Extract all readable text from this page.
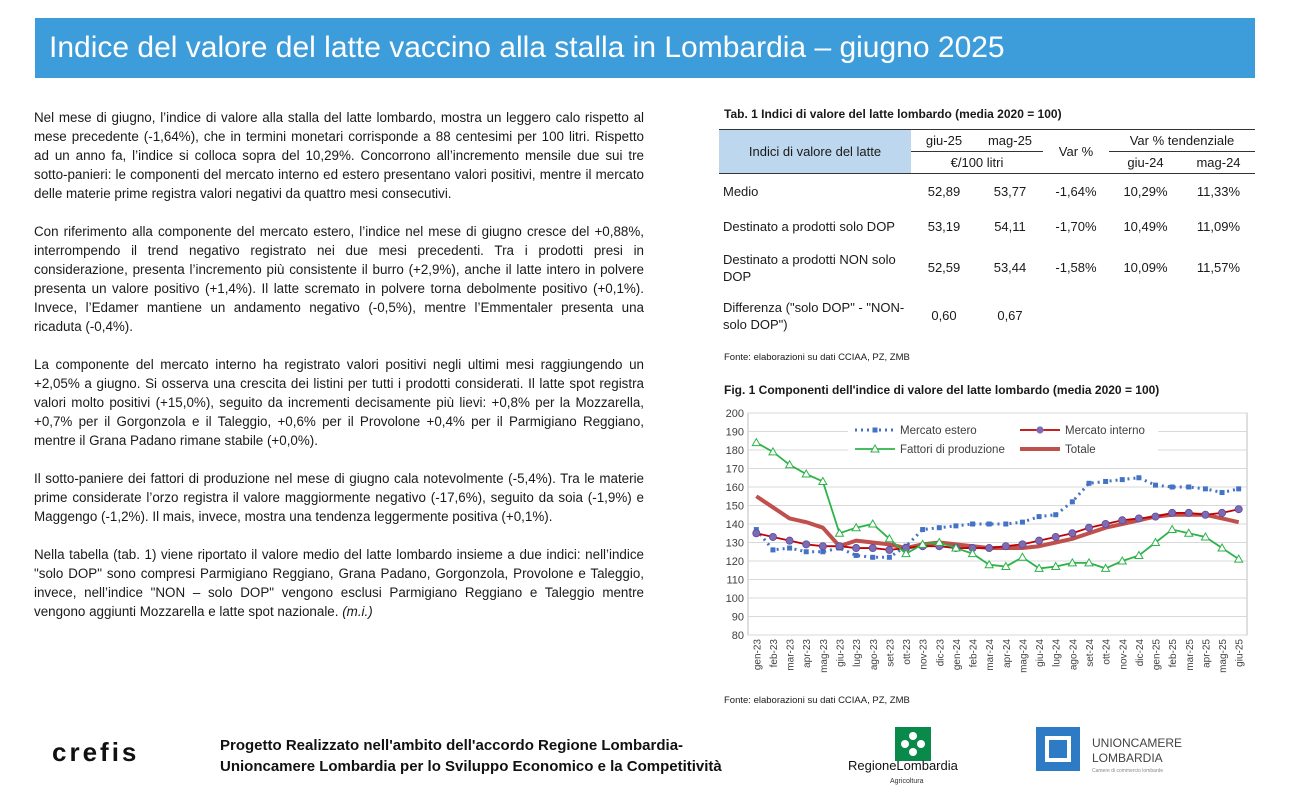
Indice del valore del latte vaccino alla stalla in Lombardia – giugno 2025

Nel mese di giugno, l’indice di valore alla stalla del latte lombardo, mostra un leggero calo rispetto al mese precedente (-1,64%), che in termini monetari corrisponde a 88 centesimi per 100 litri. Rispetto ad un anno fa, l’indice si colloca sopra del 10,29%. Concorrono all’incremento mensile due sui tre sotto-panieri: le componenti del mercato interno ed estero presentano valori positivi, mentre il mercato delle materie prime registra valori negativi da quattro mesi consecutivi.

Con riferimento alla componente del mercato estero, l’indice nel mese di giugno cresce del +0,88%, interrompendo il trend negativo registrato nei due mesi precedenti. Tra i prodotti presi in considerazione, presenta l’incremento più consistente il burro (+2,9%), anche il latte intero in polvere presenta un valore positivo (+1,4%). Il latte scremato in polvere torna debolmente positivo (+0,1%). Invece, l’Edamer mantiene un andamento negativo (-0,5%), mentre l’Emmentaler presenta una ricaduta (-0,4%).

La componente del mercato interno ha registrato valori positivi negli ultimi mesi raggiungendo un +2,05% a giugno. Si osserva una crescita dei listini per tutti i prodotti considerati. Il latte spot registra valori molto positivi (+15,0%), seguito da incrementi decisamente più lievi: +0,8% per la Mozzarella, +0,7% per il Gorgonzola e il Taleggio, +0,6% per il Provolone +0,4% per il Parmigiano Reggiano, mentre il Grana Padano rimane stabile (+0,0%).

Il sotto-paniere dei fattori di produzione nel mese di giugno cala notevolmente (-5,4%). Tra le materie prime considerate l’orzo registra il valore maggiormente negativo (-17,6%), seguito da soia (-1,9%) e Maggengo (-1,2%). Il mais, invece, mostra una tendenza leggermente positiva (+0,1%).

Nella tabella (tab. 1) viene riportato il valore medio del latte lombardo insieme a due indici: nell’indice "solo DOP" sono compresi Parmigiano Reggiano, Grana Padano, Gorgonzola, Provolone e Taleggio, invece, nell’indice "NON – solo DOP" vengono esclusi Parmigiano Reggiano e Taleggio mentre vengono aggiunti Mozzarella e latte spot nazionale. (m.i.)

Tab. 1 Indici di valore del latte lombardo (media 2020 = 100)
Indici di valore del latte	giu-25	mag-25	Var %	Var % tendenziale	
	€/100 litri			giu-24	mag-24
Medio	52,89	53,77	-1,64%	10,29%	11,33%
Destinato a prodotti solo DOP	53,19	54,11	-1,70%	10,49%	11,09%
Destinato a prodotti NON solo DOP	52,59	53,44	-1,58%	10,09%	11,57%
Differenza ("solo DOP" - "NON-solo DOP")	0,60	0,67			
Fonte: elaborazioni su dati CCIAA, PZ, ZMB
Fig. 1 Componenti dell'indice di valore del latte lombardo (media 2020 = 100)
80
90
100
110
120
130
140
150
160
170
180
190
200
gen-23 feb-23 mar-23 apr-23 mag-23 giu-23 lug-23 ago-23 set-23 ott-23 nov-23 dic-23 gen-24 feb-24 mar-24 apr-24 mag-24 giu-24 lug-24 ago-24 set-24 ott-24 nov-24 dic-24 gen-25 feb-25 mar-25 apr-25 mag-25 giu-25
Mercato estero	Mercato interno
Fattori di produzione	Totale
Fonte: elaborazioni su dati CCIAA, PZ, ZMB
crefis	Progetto Realizzato nell'ambito dell'accordo Regione Lombardia-
Unioncamere Lombardia per lo Sviluppo Economico e la Competitività	RegioneLombardia
Agricoltura
UNIONCAMERE
LOMBARDIA
Camere di commercio lombarde
